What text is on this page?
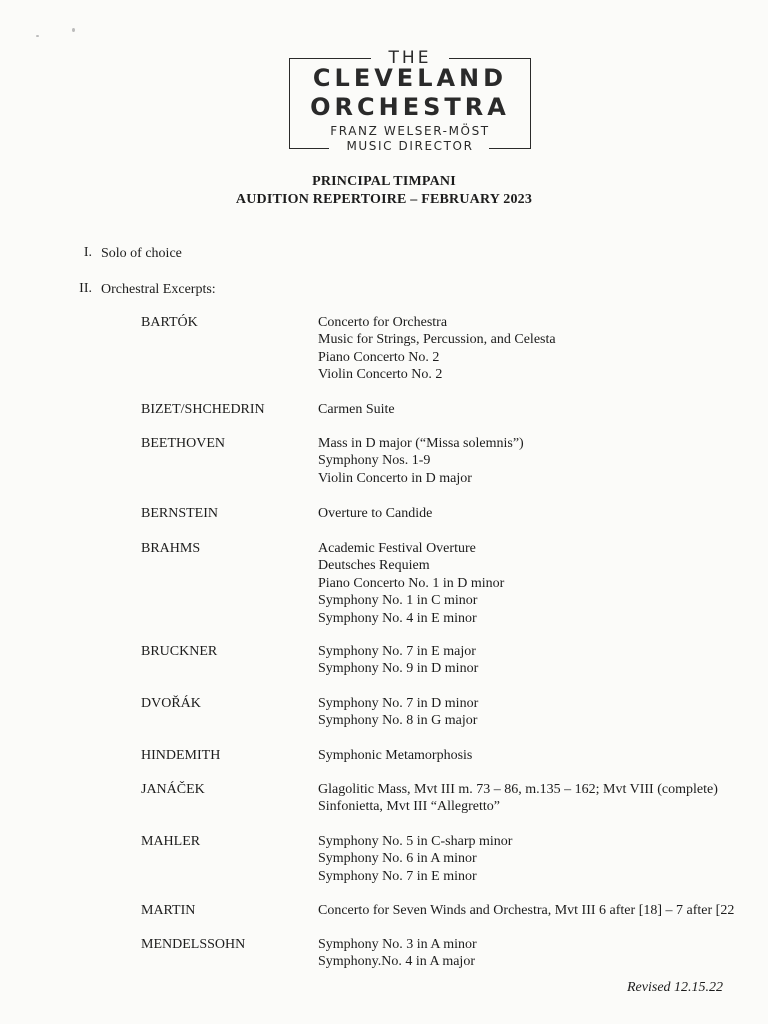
THE
CLEVELAND
ORCHESTRA
FRANZ WELSER-MÖST
MUSIC DIRECTOR
PRINCIPAL TIMPANI
AUDITION REPERTOIRE – FEBRUARY 2023
I. Solo of choice
II. Orchestral Excerpts:
BARTÓK	Concerto for Orchestra
Music for Strings, Percussion, and Celesta
Piano Concerto No. 2
Violin Concerto No. 2
BIZET/SHCHEDRIN	Carmen Suite
BEETHOVEN	Mass in D major (“Missa solemnis”)
Symphony Nos. 1-9
Violin Concerto in D major
BERNSTEIN	Overture to Candide
BRAHMS	Academic Festival Overture
Deutsches Requiem
Piano Concerto No. 1 in D minor
Symphony No. 1 in C minor
Symphony No. 4 in E minor
BRUCKNER	Symphony No. 7 in E major
Symphony No. 9 in D minor
DVOŘÁK	Symphony No. 7 in D minor
Symphony No. 8 in G major
HINDEMITH	Symphonic Metamorphosis
JANÁČEK	Glagolitic Mass, Mvt III m. 73 – 86, m.135 – 162; Mvt VIII (complete)
Sinfonietta, Mvt III “Allegretto”
MAHLER	Symphony No. 5 in C-sharp minor
Symphony No. 6 in A minor
Symphony No. 7 in E minor
MARTIN	Concerto for Seven Winds and Orchestra, Mvt III 6 after [18] – 7 after [22
MENDELSSOHN	Symphony No. 3 in A minor
Symphony.No. 4 in A major
Revised 12.15.22
